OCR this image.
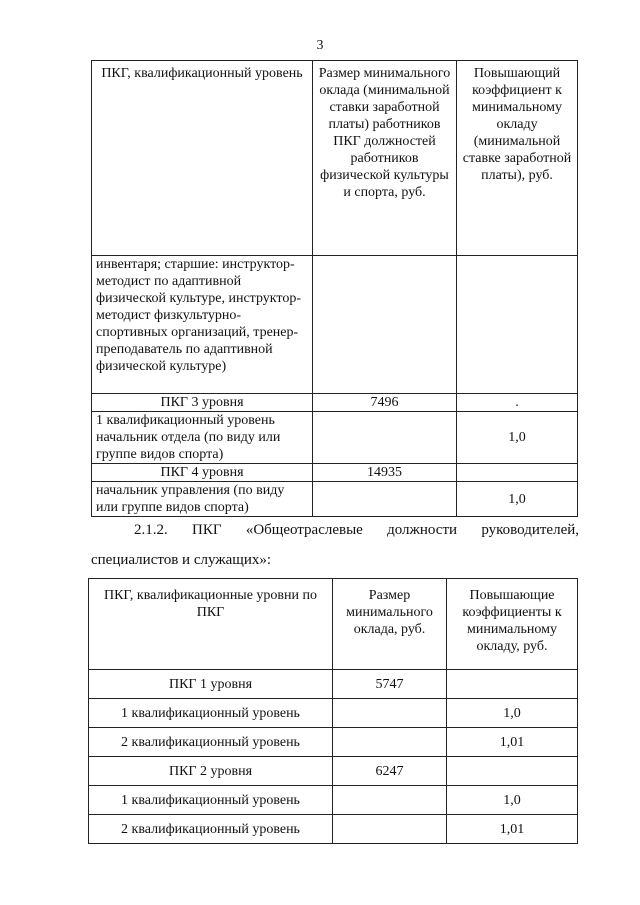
3
ПКГ, квалификационный уровень	Размер минимального оклада (минимальной ставки заработной платы) работников ПКГ должностей работников физической культуры и спорта, руб.	Повышающий коэффициент к минимальному окладу (минимальной ставке заработной платы), руб.
инвентаря; старшие: инструктор-методист по адаптивной физической культуре, инструктор-методист физкультурно-спортивных организаций, тренер-преподаватель по адаптивной физической культуре)		
ПКГ 3 уровня	7496	.
1 квалификационный уровень начальник отдела (по виду или группе видов спорта)		1,0
ПКГ 4 уровня	14935	
начальник управления (по виду или группе видов спорта)		1,0
2.1.2. ПКГ «Общеотраслевые должности руководителей,
специалистов и служащих»:
ПКГ, квалификационные уровни по ПКГ	Размер минимального оклада, руб.	Повышающие коэффициенты к минимальному окладу, руб.
ПКГ 1 уровня	5747	
1 квалификационный уровень		1,0
2 квалификационный уровень		1,01
ПКГ 2 уровня	6247	
1 квалификационный уровень		1,0
2 квалификационный уровень		1,01
